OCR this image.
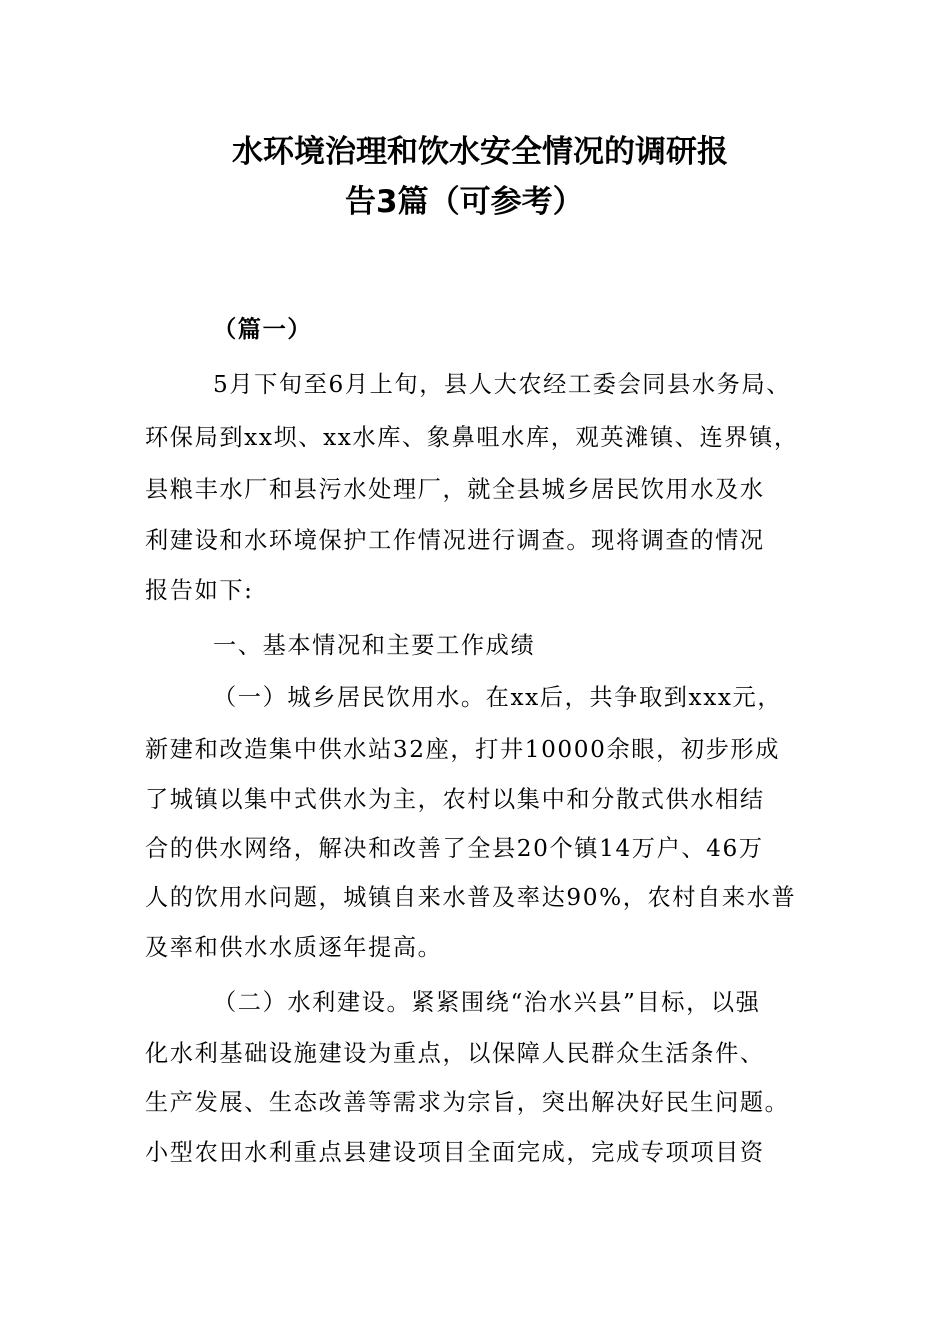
水环境治理和饮水安全情况的调研报
告3篇（可参考）
（篇一）
5月下旬至6月上旬，县人大农经工委会同县水务局、
环保局到xx坝、xx水库、象鼻咀水库，观英滩镇、连界镇，
县粮丰水厂和县污水处理厂，就全县城乡居民饮用水及水
利建设和水环境保护工作情况进行调查。现将调查的情况
报告如下:
一、基本情况和主要工作成绩
（一）城乡居民饮用水。在xx后，共争取到xxx元，
新建和改造集中供水站32座，打井10000余眼，初步形成
了城镇以集中式供水为主，农村以集中和分散式供水相结
合的供水网络，解决和改善了全县20个镇14万户、46万
人的饮用水问题，城镇自来水普及率达90%，农村自来水普
及率和供水水质逐年提高。
（二）水利建设。紧紧围绕“治水兴县”目标，以强
化水利基础设施建设为重点，以保障人民群众生活条件、
生产发展、生态改善等需求为宗旨，突出解决好民生问题。
小型农田水利重点县建设项目全面完成，完成专项项目资
